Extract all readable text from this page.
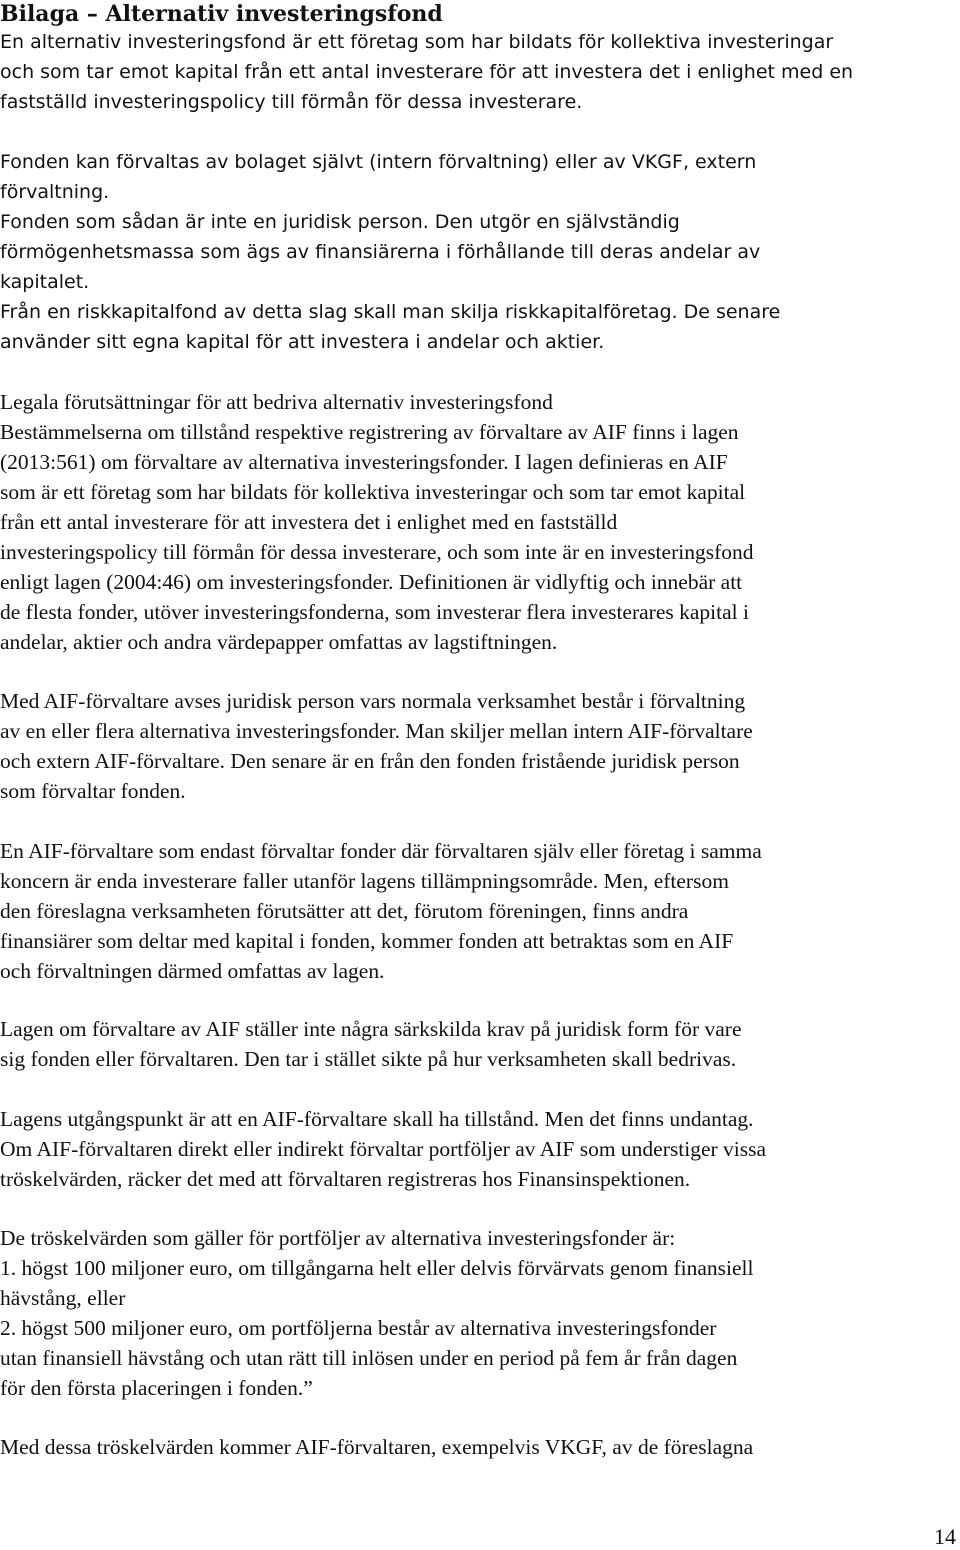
Bilaga – Alternativ investeringsfond
En alternativ investeringsfond är ett företag som har bildats för kollektiva investeringar
och som tar emot kapital från ett antal investerare för att investera det i enlighet med en
fastställd investeringspolicy till förmån för dessa investerare.
Fonden kan förvaltas av bolaget självt (intern förvaltning) eller av VKGF, extern
förvaltning.
Fonden som sådan är inte en juridisk person. Den utgör en självständig
förmögenhetsmassa som ägs av finansiärerna i förhållande till deras andelar av
kapitalet.
Från en riskkapitalfond av detta slag skall man skilja riskkapitalföretag. De senare
använder sitt egna kapital för att investera i andelar och aktier.
Legala förutsättningar för att bedriva alternativ investeringsfond
Bestämmelserna om tillstånd respektive registrering av förvaltare av AIF finns i lagen
(2013:561) om förvaltare av alternativa investeringsfonder. I lagen definieras en AIF
som är ett företag som har bildats för kollektiva investeringar och som tar emot kapital
från ett antal investerare för att investera det i enlighet med en fastställd
investeringspolicy till förmån för dessa investerare, och som inte är en investeringsfond
enligt lagen (2004:46) om investeringsfonder. Definitionen är vidlyftig och innebär att
de flesta fonder, utöver investeringsfonderna, som investerar flera investerares kapital i
andelar, aktier och andra värdepapper omfattas av lagstiftningen.
Med AIF-förvaltare avses juridisk person vars normala verksamhet består i förvaltning
av en eller flera alternativa investeringsfonder. Man skiljer mellan intern AIF-förvaltare
och extern AIF-förvaltare. Den senare är en från den fonden fristående juridisk person
som förvaltar fonden.
En AIF-förvaltare som endast förvaltar fonder där förvaltaren själv eller företag i samma
koncern är enda investerare faller utanför lagens tillämpningsområde. Men, eftersom
den föreslagna verksamheten förutsätter att det, förutom föreningen, finns andra
finansiärer som deltar med kapital i fonden, kommer fonden att betraktas som en AIF
och förvaltningen därmed omfattas av lagen.
Lagen om förvaltare av AIF ställer inte några särkskilda krav på juridisk form för vare
sig fonden eller förvaltaren. Den tar i stället sikte på hur verksamheten skall bedrivas.
Lagens utgångspunkt är att en AIF-förvaltare skall ha tillstånd. Men det finns undantag.
Om AIF-förvaltaren direkt eller indirekt förvaltar portföljer av AIF som understiger vissa
tröskelvärden, räcker det med att förvaltaren registreras hos Finansinspektionen.
De tröskelvärden som gäller för portföljer av alternativa investeringsfonder är:
1. högst 100 miljoner euro, om tillgångarna helt eller delvis förvärvats genom finansiell
hävstång, eller
2. högst 500 miljoner euro, om portföljerna består av alternativa investeringsfonder
utan finansiell hävstång och utan rätt till inlösen under en period på fem år från dagen
för den första placeringen i fonden.”
Med dessa tröskelvärden kommer AIF-förvaltaren, exempelvis VKGF, av de föreslagna
14
